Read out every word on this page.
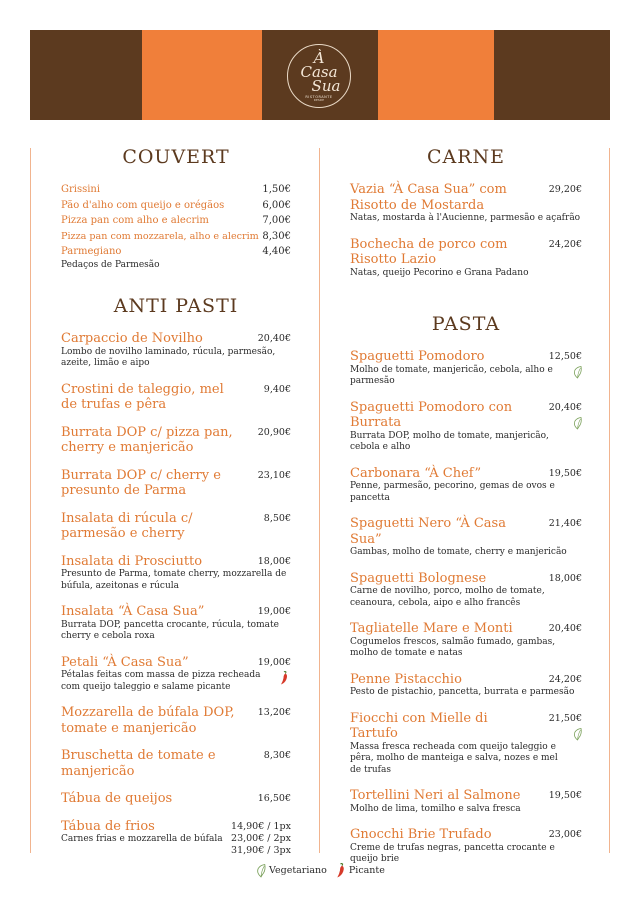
À
Casa
Sua
RISTORANTE
DESDE
COUVERT
Grissini	1,50€
Pão d'alho com queijo e orégãos	6,00€
Pizza pan com alho e alecrim	7,00€
Pizza pan com mozzarela, alho e alecrim 8,30€
Parmegiano	4,40€
Pedaços de Parmesão
ANTI PASTI
Carpaccio de Novilho	20,40€
Lombo de novilho laminado, rúcula, parmesão, azeite, limão e aipo
Crostini de taleggio, mel de trufas e pêra
9,40€
Burrata DOP c/ pizza pan, cherry e manjericão
20,90€
Burrata DOP c/ cherry e presunto de Parma
23,10€
Insalata di rúcula c/ parmesão e cherry
8,50€
Insalata di Prosciutto	18,00€
Presunto de Parma, tomate cherry, mozzarella de búfula, azeitonas e rúcula
Insalata “À Casa Sua”	19,00€
Burrata DOP, pancetta crocante, rúcula, tomate cherry e cebola roxa
Petali “À Casa Sua”	19,00€
Pétalas feitas com massa de pizza recheada com queijo taleggio e salame picante
Mozzarella de búfala DOP, tomate e manjericão
13,20€
Bruschetta de tomate e manjericão
8,30€
Tábua de queijos	16,50€
Tábua de frios
Carnes frias e mozzarella de búfala
14,90€ / 1px
23,00€ / 2px
31,90€ / 3px
CARNE
Vazia “À Casa Sua” com Risotto de Mostarda
29,20€
Natas, mostarda à l'Aucienne, parmesão e açafrão
Bochecha de porco com Risotto Lazio
24,20€
Natas, queijo Pecorino e Grana Padano
PASTA
Spaguetti Pomodoro	12,50€
Molho de tomate, manjericão, cebola, alho e parmesão
Spaguetti Pomodoro con Burrata
20,40€
Burrata DOP, molho de tomate, manjericão, cebola e alho
Carbonara “À Chef”	19,50€
Penne, parmesão, pecorino, gemas de ovos e pancetta
Spaguetti Nero “À Casa Sua”
21,40€
Gambas, molho de tomate, cherry e manjericão
Spaguetti Bolognese	18,00€
Carne de novilho, porco, molho de tomate, ceanoura, cebola, aipo e alho francês
Tagliatelle Mare e Monti	20,40€
Cogumelos frescos, salmão fumado, gambas, molho de tomate e natas
Penne Pistacchio	24,20€
Pesto de pistachio, pancetta, burrata e parmesão
Fiocchi con Mielle di Tartufo
21,50€
Massa fresca recheada com queijo taleggio e pêra, molho de manteiga e salva, nozes e mel de trufas
Tortellini Neri al Salmone	19,50€
Molho de lima, tomilho e salva fresca
Gnocchi Brie Trufado	23,00€
Creme de trufas negras, pancetta crocante e queijo brie
Vegetariano Picante
